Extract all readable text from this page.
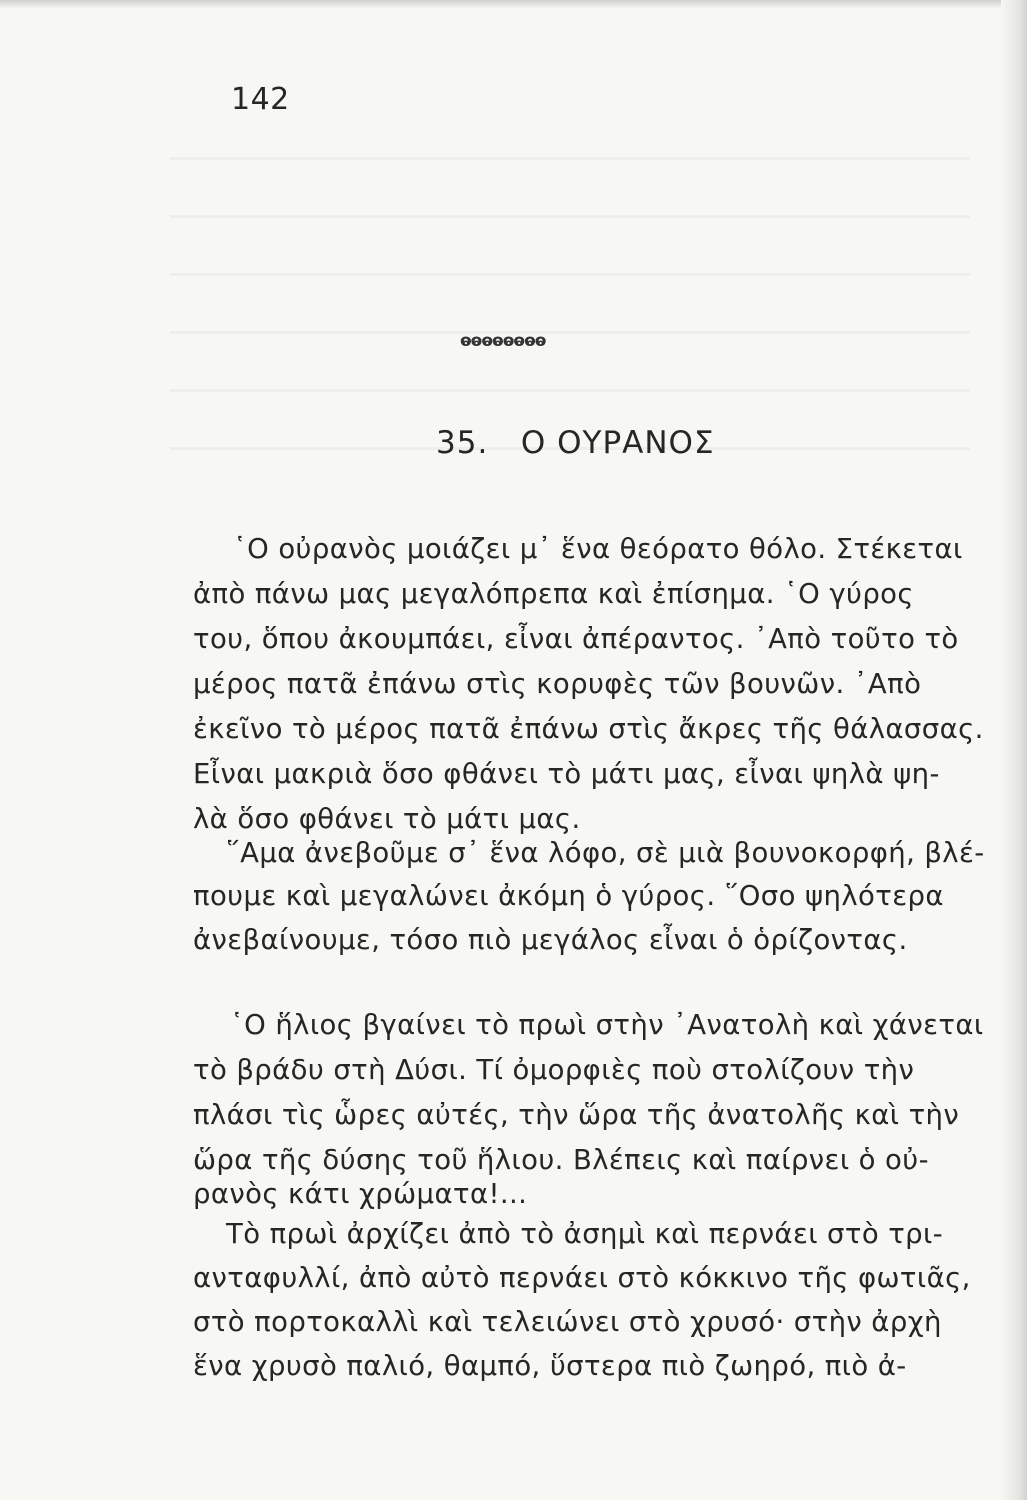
142
ⱺⱺⱺⱺⱺⱺⱺⱺ
35.   Ο ΟΥΡΑΝΟΣ
῾Ο οὐρανὸς μοιάζει μ᾽ ἕνα θεόρατο θόλο. Στέκεται
ἀπὸ πάνω μας μεγαλόπρεπα καὶ ἐπίσημα. ῾Ο γύρος
του, ὅπου ἀκουμπάει, εἶναι ἀπέραντος. ᾽Απὸ τοῦτο τὸ
μέρος πατᾶ ἐπάνω στὶς κορυφὲς τῶν βουνῶν. ᾽Απὸ
ἐκεῖνο τὸ μέρος πατᾶ ἐπάνω στὶς ἄκρες τῆς θάλασσας.
Εἶναι μακριὰ ὅσο φθάνει τὸ μάτι μας, εἶναι ψηλὰ ψη-
λὰ ὅσο φθάνει τὸ μάτι μας.
῞Αμα ἀνεβοῦμε σ᾽ ἕνα λόφο, σὲ μιὰ βουνοκορφή, βλέ-
πουμε καὶ μεγαλώνει ἀκόμη ὁ γύρος. ῞Οσο ψηλότερα
ἀνεβαίνουμε, τόσο πιὸ μεγάλος εἶναι ὁ ὁρίζοντας.
῾Ο ἥλιος βγαίνει τὸ πρωὶ στὴν ᾽Ανατολὴ καὶ χάνεται
τὸ βράδυ στὴ Δύσι. Τί ὀμορφιὲς ποὺ στολίζουν τὴν
πλάσι τὶς ὧρες αὐτές, τὴν ὥρα τῆς ἀνατολῆς καὶ τὴν
ὥρα τῆς δύσης τοῦ ἥλιου. Βλέπεις καὶ παίρνει ὁ οὐ-
ρανὸς κάτι χρώματα!...
Τὸ πρωὶ ἀρχίζει ἀπὸ τὸ ἀσημὶ καὶ περνάει στὸ τρι-
ανταφυλλί, ἀπὸ αὐτὸ περνάει στὸ κόκκινο τῆς φωτιᾶς,
στὸ πορτοκαλλὶ καὶ τελειώνει στὸ χρυσό· στὴν ἀρχὴ
ἕνα χρυσὸ παλιό, θαμπό, ὕστερα πιὸ ζωηρό, πιὸ ἀ-
